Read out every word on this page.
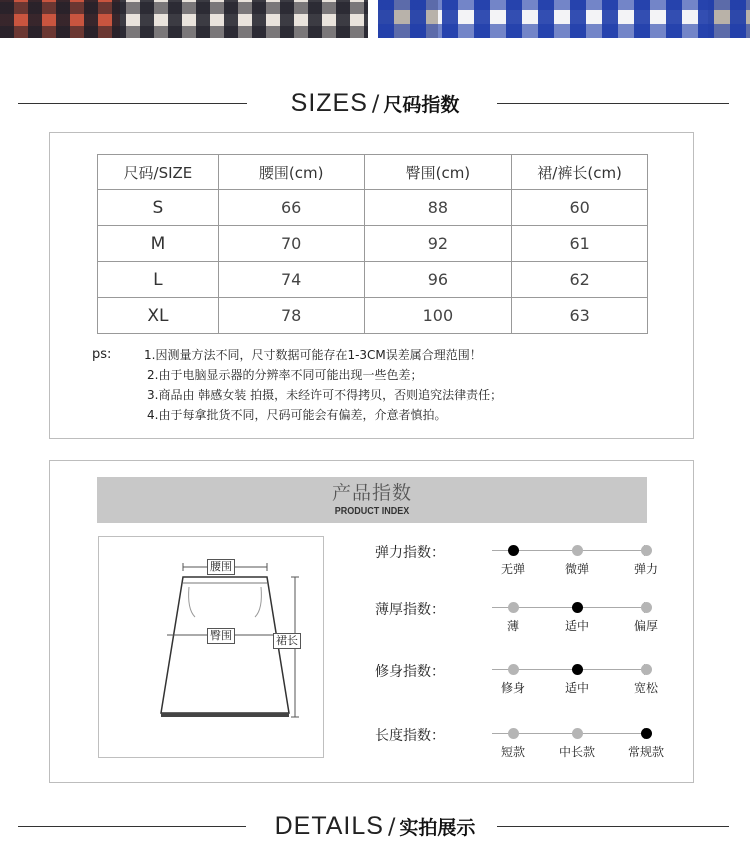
SIZES / 尺码指数
尺码/SIZE	腰围(cm)	臀围(cm)	裙/裤长(cm)
S	66	88	60
M	70	92	61
L	74	96	62
XL	78	100	63
ps:	1.因测量方法不同，尺寸数据可能存在1-3CM误差属合理范围！
2.由于电脑显示器的分辨率不同可能出现一些色差；
3.商品由 韩感女装 拍摄，未经许可不得拷贝，否则追究法律责任；
4.由于每拿批货不同，尺码可能会有偏差，介意者慎拍。
产品指数
PRODUCT INDEX
腰围
臀围	裙长
弹力指数：
无弹	微弹	弹力
薄厚指数：
薄	适中	偏厚
修身指数：
修身	适中	宽松
长度指数：
短款	中长款	常规款
DETAILS / 实拍展示
